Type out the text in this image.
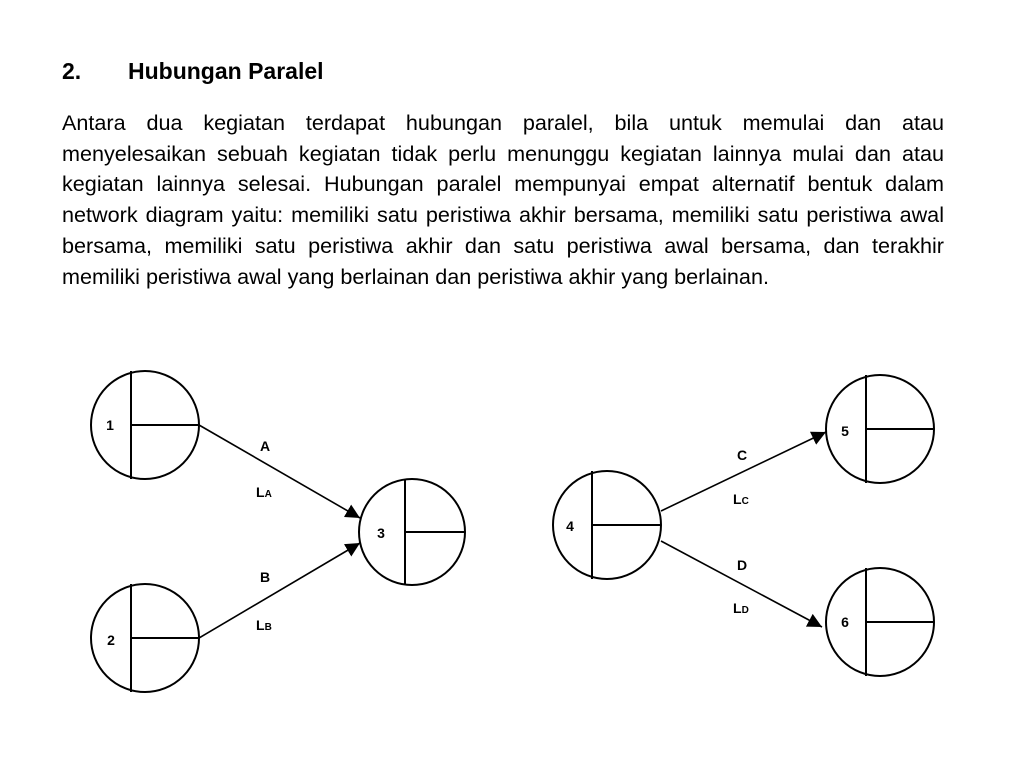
2. Hubungan Paralel

Antara dua kegiatan terdapat hubungan paralel, bila untuk memulai dan atau menyelesaikan sebuah kegiatan tidak perlu menunggu kegiatan lainnya mulai dan atau kegiatan lainnya selesai. Hubungan paralel mempunyai empat alternatif bentuk dalam network diagram yaitu: memiliki satu peristiwa akhir bersama, memiliki satu peristiwa awal bersama, memiliki satu peristiwa akhir dan satu peristiwa awal bersama, dan terakhir memiliki peristiwa awal yang berlainan dan peristiwa akhir yang berlainan.

1
2
3
A
LA
B
LB
4
5
6
C
LC
D
LD
